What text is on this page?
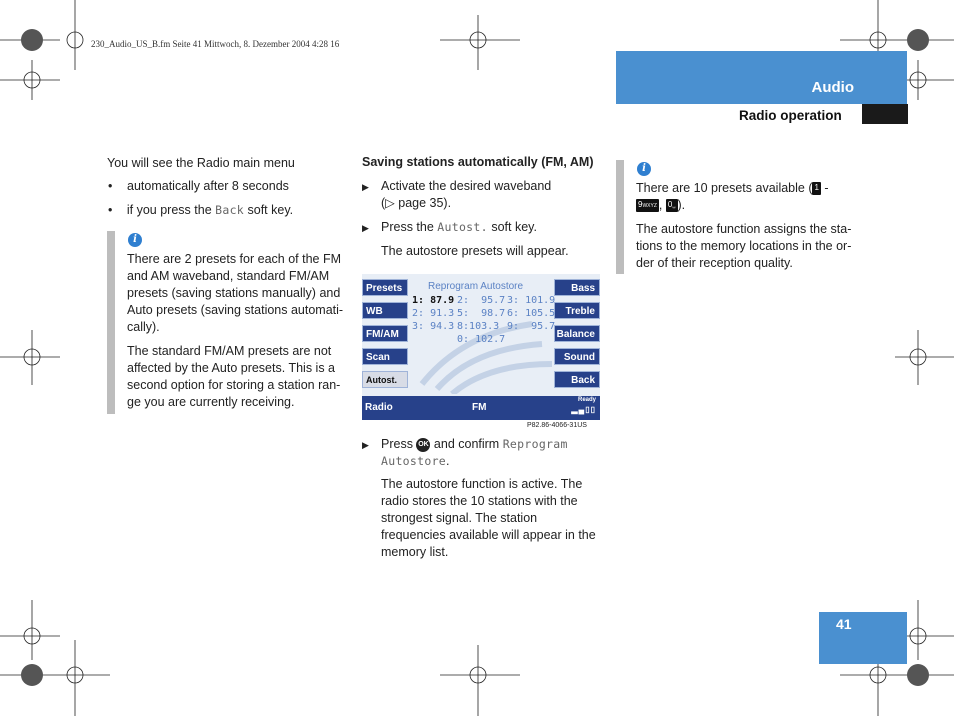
230_Audio_US_B.fm Seite 41 Mittwoch, 8. Dezember 2004 4:28 16
Audio
Radio operation
You will see the Radio main menu
• automatically after 8 seconds
• if you press the Back soft key.
i
There are 2 presets for each of the FM and AM waveband, standard FM/AM presets (saving stations manually) and Auto presets (saving stations automati-cally).
The standard FM/AM presets are not affected by the Auto presets. This is a second option for storing a station ran-ge you are currently receiving.
Saving stations automatically (FM, AM)
▶ Activate the desired waveband
(▷ page 35).
▶ Press the Autost. soft key.
The autostore presets will appear.
Presets
WB
FM/AM
Scan
Autost.
Bass
Treble
Balance
Sound
Back
Reprogram Autostore
1: 87.9 2: 95.7 3: 101.9
2: 91.3 5: 98.7 6: 105.5
3: 94.3 8:103.3 9: 95.7
0: 102.7
Radio	FM
Ready
▂▄▯▯
P82.86-4066-31US
▶ Press OK and confirm Reprogram
Autostore.
The autostore function is active. The radio stores the 10 stations with the strongest signal. The station frequencies available will appear in the memory list.
i
There are 10 presets available ( 1 -
9WXYZ , 0␣ ).
The autostore function assigns the sta-tions to the memory locations in the or-der of their reception quality.
41
